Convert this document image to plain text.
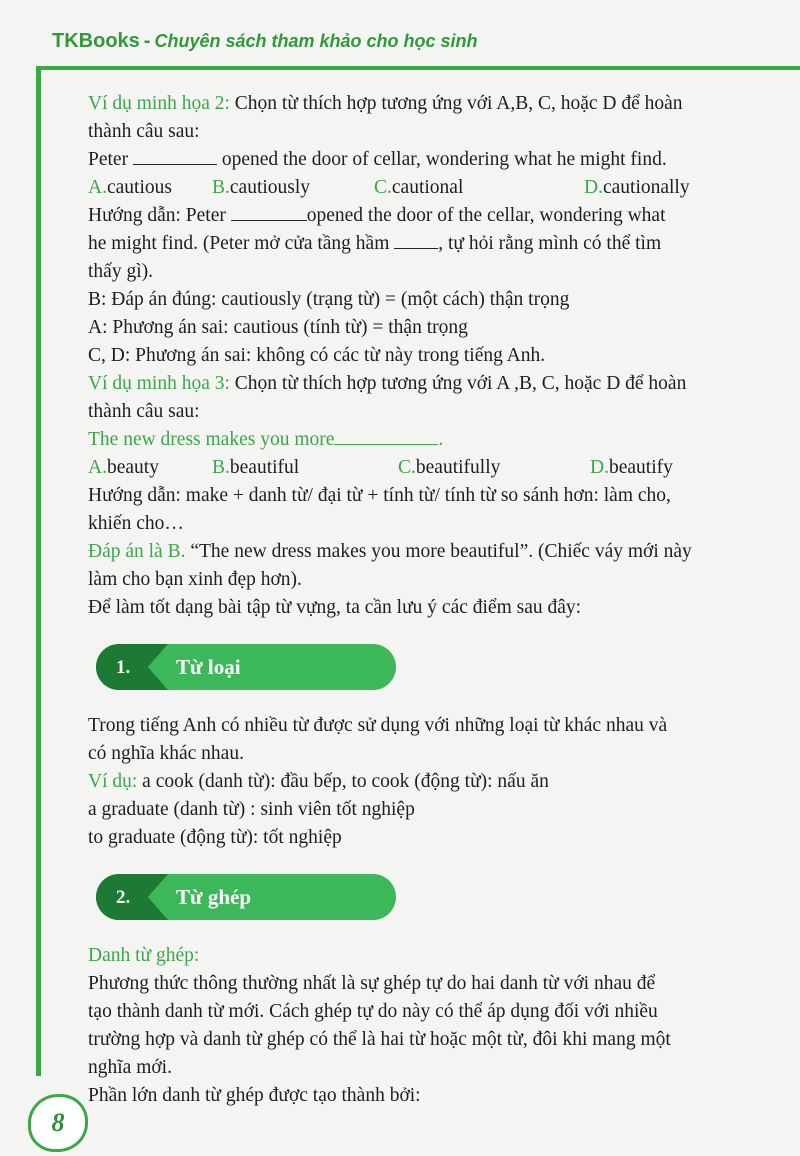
TKBooks - Chuyên sách tham khảo cho học sinh

Ví dụ minh họa 2: Chọn từ thích hợp tương ứng với A,B, C, hoặc D để hoàn

thành câu sau:

Peter	opened the door of cellar, wondering what he might find.

A.cautious	B.cautiously	C.cautional	D.cautionally

Hướng dẫn: Peter	opened the door of the cellar, wondering what

he might find. (Peter mở cửa tầng hầm , tự hỏi rằng mình có thể tìm

thấy gì).

B: Đáp án đúng: cautiously (trạng từ) = (một cách) thận trọng

A: Phương án sai: cautious (tính từ) = thận trọng

C, D: Phương án sai: không có các từ này trong tiếng Anh.

Ví dụ minh họa 3: Chọn từ thích hợp tương ứng với A ,B, C, hoặc D để hoàn

thành câu sau:

The new dress makes you more	.

A.beauty	B.beautiful	C.beautifully	D.beautify

Hướng dẫn: make + danh từ/ đại từ + tính từ/ tính từ so sánh hơn: làm cho,

khiến cho…

Đáp án là B. “The new dress makes you more beautiful”. (Chiếc váy mới này

làm cho bạn xinh đẹp hơn).

Để làm tốt dạng bài tập từ vựng, ta cần lưu ý các điểm sau đây:

1. Từ loại

Trong tiếng Anh có nhiều từ được sử dụng với những loại từ khác nhau và

có nghĩa khác nhau.

Ví dụ: a cook (danh từ): đầu bếp, to cook (động từ): nấu ăn

a graduate (danh từ) : sinh viên tốt nghiệp

to graduate (động từ): tốt nghiệp

2. Từ ghép

Danh từ ghép:

Phương thức thông thường nhất là sự ghép tự do hai danh từ với nhau để

tạo thành danh từ mới. Cách ghép tự do này có thể áp dụng đối với nhiều

trường hợp và danh từ ghép có thể là hai từ hoặc một từ, đôi khi mang một

nghĩa mới.

Phần lớn danh từ ghép được tạo thành bởi:

8
